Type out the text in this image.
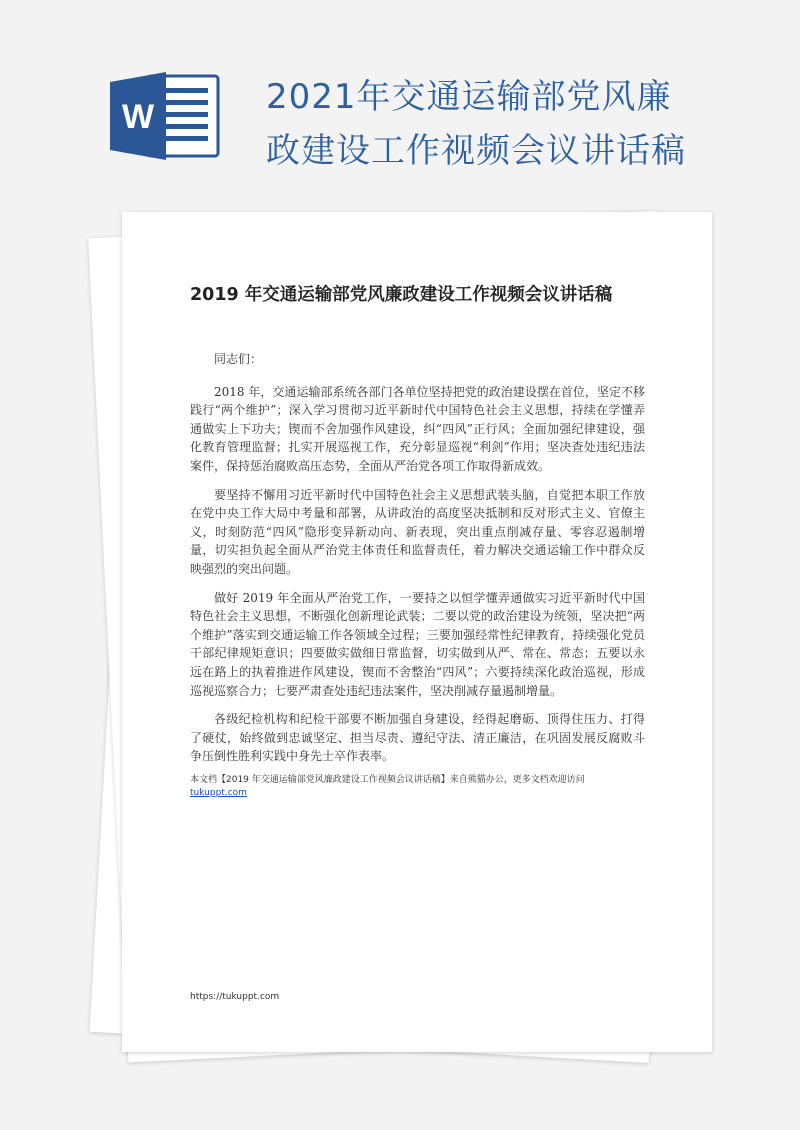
W	2021年交通运输部党风廉
政建设工作视频会议讲话稿
2019 年交通运输部党风廉政建设工作视频会议讲话稿

同志们：

2018 年，交通运输部系统各部门各单位坚持把党的政治建设摆在首位，坚定不移践行“两个维护”；深入学习贯彻习近平新时代中国特色社会主义思想，持续在学懂弄通做实上下功夫；锲而不舍加强作风建设，纠“四风”正行风；全面加强纪律建设，强化教育管理监督；扎实开展巡视工作，充分彰显巡视“利剑”作用；坚决查处违纪违法案件，保持惩治腐败高压态势，全面从严治党各项工作取得新成效。

要坚持不懈用习近平新时代中国特色社会主义思想武装头脑，自觉把本职工作放在党中央工作大局中考量和部署，从讲政治的高度坚决抵制和反对形式主义、官僚主义，时刻防范“四风”隐形变异新动向、新表现，突出重点削减存量、零容忍遏制增量，切实担负起全面从严治党主体责任和监督责任，着力解决交通运输工作中群众反映强烈的突出问题。

做好 2019 年全面从严治党工作，一要持之以恒学懂弄通做实习近平新时代中国特色社会主义思想，不断强化创新理论武装；二要以党的政治建设为统领，坚决把“两个维护”落实到交通运输工作各领域全过程；三要加强经常性纪律教育，持续强化党员干部纪律规矩意识；四要做实做细日常监督，切实做到从严、常在、常态；五要以永远在路上的执着推进作风建设，锲而不舍整治“四风”；六要持续深化政治巡视，形成巡视巡察合力；七要严肃查处违纪违法案件，坚决削减存量遏制增量。

各级纪检机构和纪检干部要不断加强自身建设，经得起磨砺、顶得住压力、打得了硬仗，始终做到忠诚坚定、担当尽责、遵纪守法、清正廉洁，在巩固发展反腐败斗争压倒性胜利实践中身先士卒作表率。

本文档【2019 年交通运输部党风廉政建设工作视频会议讲话稿】来自熊猫办公，更多文档欢迎访问
tukuppt.com
https://tukuppt.com
